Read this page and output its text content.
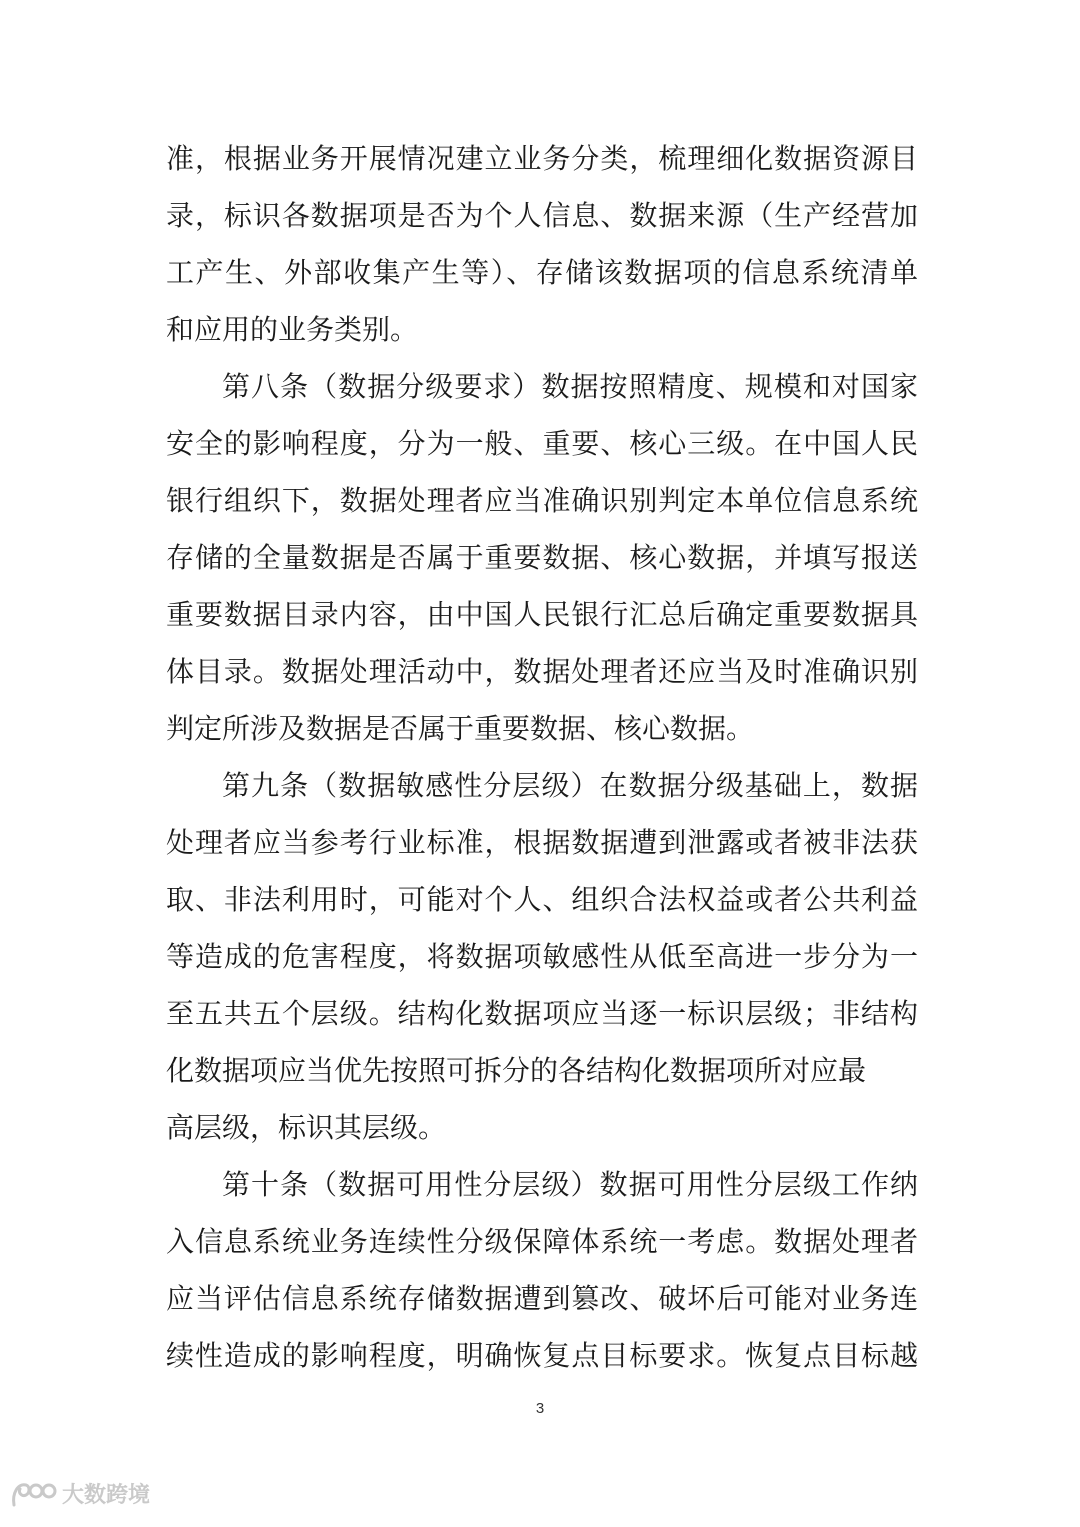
准，根据业务开展情况建立业务分类，梳理细化数据资源目
录，标识各数据项是否为个人信息、数据来源（生产经营加
工产生、外部收集产生等）、存储该数据项的信息系统清单
和应用的业务类别。
第八条（数据分级要求）数据按照精度、规模和对国家
安全的影响程度，分为一般、重要、核心三级。在中国人民
银行组织下，数据处理者应当准确识别判定本单位信息系统
存储的全量数据是否属于重要数据、核心数据，并填写报送
重要数据目录内容，由中国人民银行汇总后确定重要数据具
体目录。数据处理活动中，数据处理者还应当及时准确识别
判定所涉及数据是否属于重要数据、核心数据。
第九条（数据敏感性分层级）在数据分级基础上，数据
处理者应当参考行业标准，根据数据遭到泄露或者被非法获
取、非法利用时，可能对个人、组织合法权益或者公共利益
等造成的危害程度，将数据项敏感性从低至高进一步分为一
至五共五个层级。结构化数据项应当逐一标识层级；非结构
化数据项应当优先按照可拆分的各结构化数据项所对应最
高层级，标识其层级。
第十条（数据可用性分层级）数据可用性分层级工作纳
入信息系统业务连续性分级保障体系统一考虑。数据处理者
应当评估信息系统存储数据遭到篡改、破坏后可能对业务连
续性造成的影响程度，明确恢复点目标要求。恢复点目标越
3
大数跨境
